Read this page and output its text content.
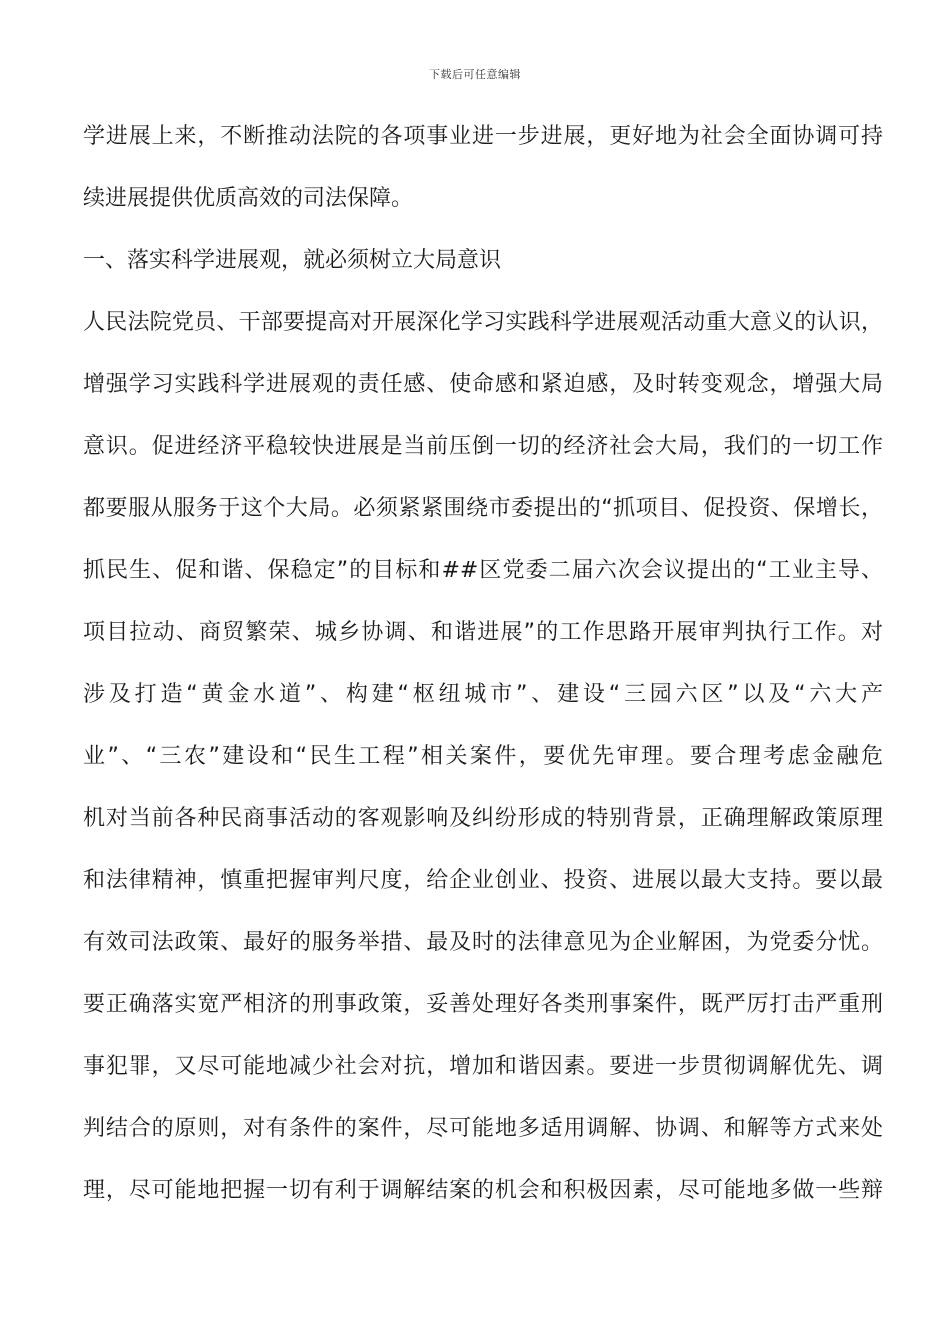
下载后可任意编辑
学进展上来，不断推动法院的各项事业进一步进展，更好地为社会全面协调可持
续进展提供优质高效的司法保障。
一、落实科学进展观，就必须树立大局意识
人民法院党员、干部要提高对开展深化学习实践科学进展观活动重大意义的认识，
增强学习实践科学进展观的责任感、使命感和紧迫感，及时转变观念，增强大局
意识。促进经济平稳较快进展是当前压倒一切的经济社会大局，我们的一切工作
都要服从服务于这个大局。必须紧紧围绕市委提出的“抓项目、促投资、保增长，
抓民生、促和谐、保稳定”的目标和##区党委二届六次会议提出的“工业主导、
项目拉动、商贸繁荣、城乡协调、和谐进展”的工作思路开展审判执行工作。对
涉及打造“黄金水道”、构建“枢纽城市”、建设“三园六区”以及“六大产
业”、“三农”建设和“民生工程”相关案件，要优先审理。要合理考虑金融危
机对当前各种民商事活动的客观影响及纠纷形成的特别背景，正确理解政策原理
和法律精神，慎重把握审判尺度，给企业创业、投资、进展以最大支持。要以最
有效司法政策、最好的服务举措、最及时的法律意见为企业解困，为党委分忧。
要正确落实宽严相济的刑事政策，妥善处理好各类刑事案件，既严厉打击严重刑
事犯罪，又尽可能地减少社会对抗，增加和谐因素。要进一步贯彻调解优先、调
判结合的原则，对有条件的案件，尽可能地多适用调解、协调、和解等方式来处
理，尽可能地把握一切有利于调解结案的机会和积极因素，尽可能地多做一些辩
